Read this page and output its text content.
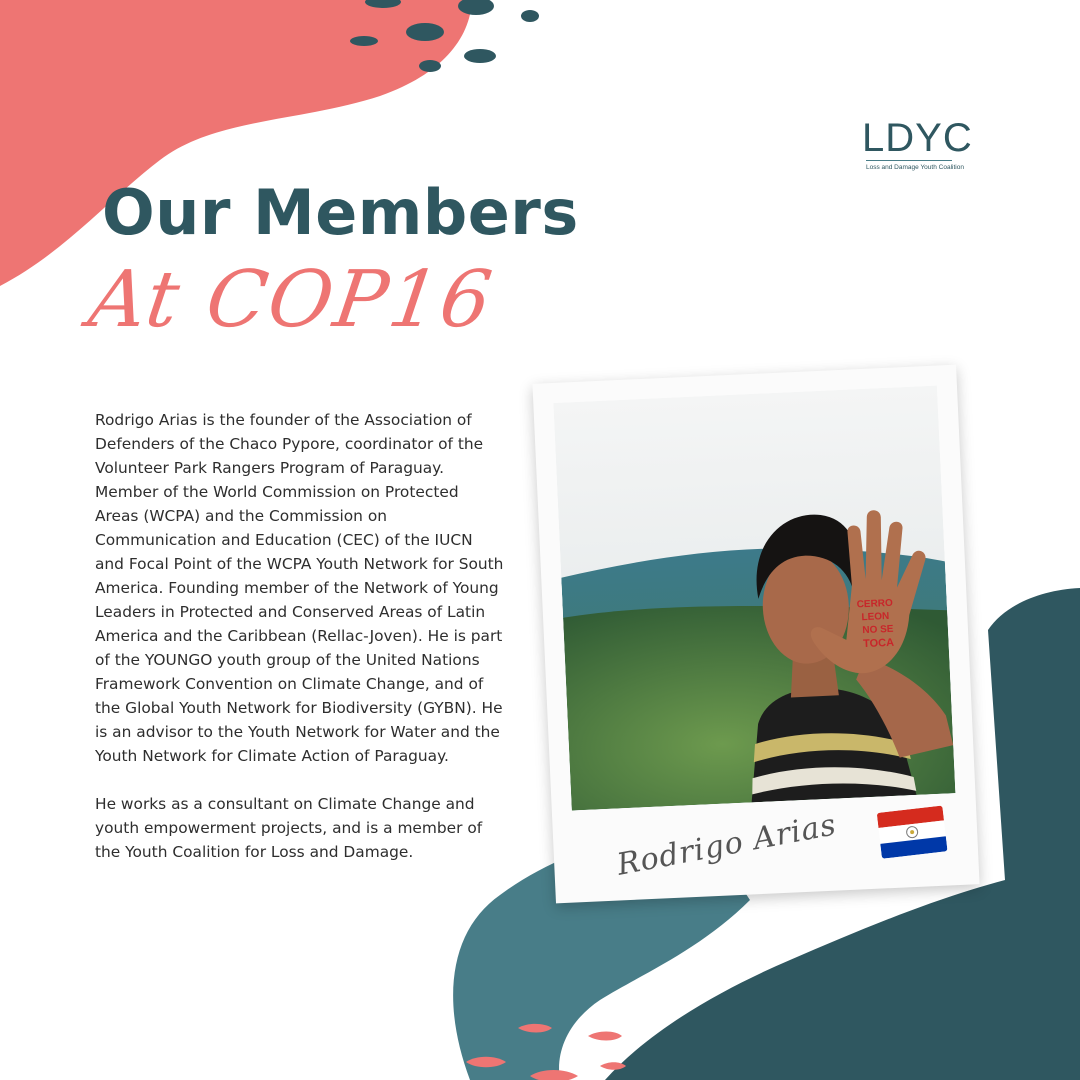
LDYC
Loss and Damage Youth Coalition
Our Members
At COP16

Rodrigo Arias is the founder of the Association of Defenders of the Chaco Pypore, coordinator of the Volunteer Park Rangers Program of Paraguay. Member of the World Commission on Protected Areas (WCPA) and the Commission on Communication and Education (CEC) of the IUCN and Focal Point of the WCPA Youth Network for South America. Founding member of the Network of Young Leaders in Protected and Conserved Areas of Latin America and the Caribbean (Rellac-Joven). He is part of the YOUNGO youth group of the United Nations Framework Convention on Climate Change, and of the Global Youth Network for Biodiversity (GYBN). He is an advisor to the Youth Network for Water and the Youth Network for Climate Action of Paraguay.

He works as a consultant on Climate Change and youth empowerment projects, and is a member of the Youth Coalition for Loss and Damage.

CERRO
LEON
NO SE
TOCA
Rodrigo Arias
